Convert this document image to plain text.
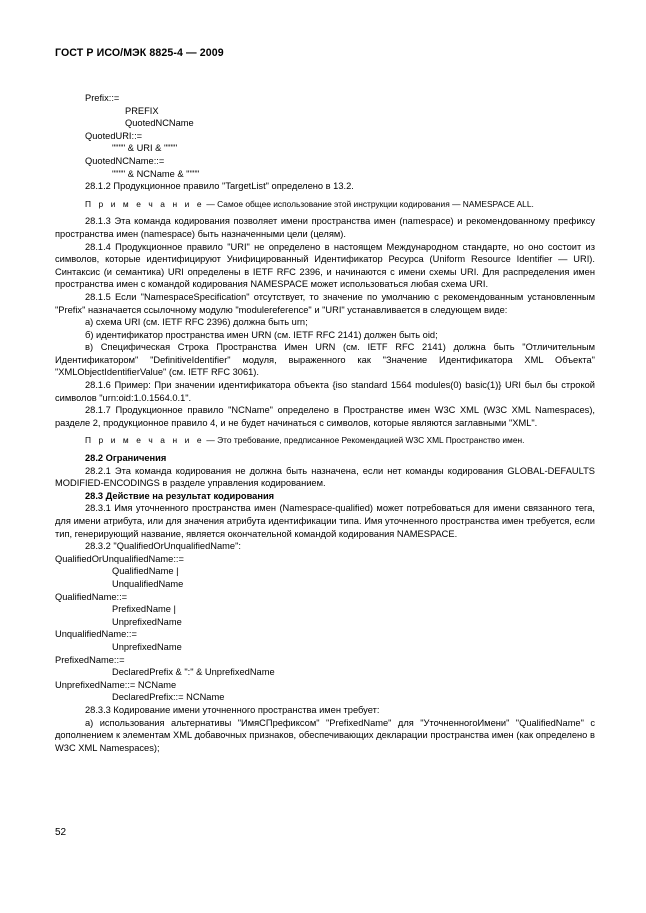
ГОСТ Р ИСО/МЭК 8825-4 — 2009
Prefix::=
PREFIX
QuotedNCName
QuotedURI::=
"""" & URI & """"
QuotedNCName::=
"""" & NCName & """"
28.1.2 Продукционное правило "TargetList" определено в 13.2.
П р и м е ч а н и е — Самое общее использование этой инструкции кодирования — NAMESPACE ALL.
28.1.3 Эта команда кодирования позволяет имени пространства имен (namespace) и рекомендованному префиксу пространства имен (namespace) быть назначенными цели (целям).
28.1.4 Продукционное правило "URI" не определено в настоящем Международном стандарте, но оно состоит из символов, которые идентифицируют Унифицированный Идентификатор Ресурса (Uniform Resource Identifier — URI). Синтаксис (и семантика) URI определены в IETF RFC 2396, и начинаются с имени схемы URI. Для распределения имен пространства имен с командой кодирования NAMESPACE может использоваться любая схема URI.
28.1.5 Если "NamespaceSpecification" отсутствует, то значение по умолчанию с рекомендованным установленным "Prefix" назначается ссылочному модулю "modulereference" и "URI" устанавливается в следующем виде:
а) схема URI (см. IETF RFC 2396) должна быть urn;
б) идентификатор пространства имен URN (см. IETF RFC 2141) должен быть oid;
в) Специфическая Строка Пространства Имен URN (см. IETF RFC 2141) должна быть "Отличительным Идентификатором" "DefinitiveIdentifier" модуля, выраженного как "Значение Идентификатора XML Объекта" "XMLObjectIdentifierValue" (см. IETF RFC 3061).
28.1.6 Пример: При значении идентификатора объекта {iso standard 1564 modules(0) basic(1)} URI был бы строкой символов "urn:oid:1.0.1564.0.1".
28.1.7 Продукционное правило "NCName" определено в Пространстве имен W3C XML (W3C XML Namespaces), разделе 2, продукционное правило 4, и не будет начинаться с символов, которые являются заглавными "XML".
П р и м е ч а н и е — Это требование, предписанное Рекомендацией W3C XML Пространство имен.
28.2 Ограничения
28.2.1 Эта команда кодирования не должна быть назначена, если нет команды кодирования GLOBAL-DEFAULTS MODIFIED-ENCODINGS в разделе управления кодированием.
28.3 Действие на результат кодирования
28.3.1 Имя уточненного пространства имен (Namespace-qualified) может потребоваться для имени связанного тега, для имени атрибута, или для значения атрибута идентификации типа. Имя уточненного пространства имен требуется, если тип, генерирующий название, является окончательной командой кодирования NAMESPACE.
28.3.2 "QualifiedOrUnqualifiedName":
QualifiedOrUnqualifiedName::=
QualifiedName |
UnqualifiedName
QualifiedName::=
PrefixedName |
UnprefixedName
UnqualifiedName::=
UnprefixedName
PrefixedName::=
DeclaredPrefix & ":" & UnprefixedName
UnprefixedName::= NCName
DeclaredPrefix::= NCName
28.3.3 Кодирование имени уточненного пространства имен требует:
а) использования альтернативы "ИмяСПрефиксом" "PrefixedName" для "УточненногоИмени" "QualifiedName" с дополнением к элементам XML добавочных признаков, обеспечивающих декларации пространства имен (как определено в W3C XML Namespaces);
52
